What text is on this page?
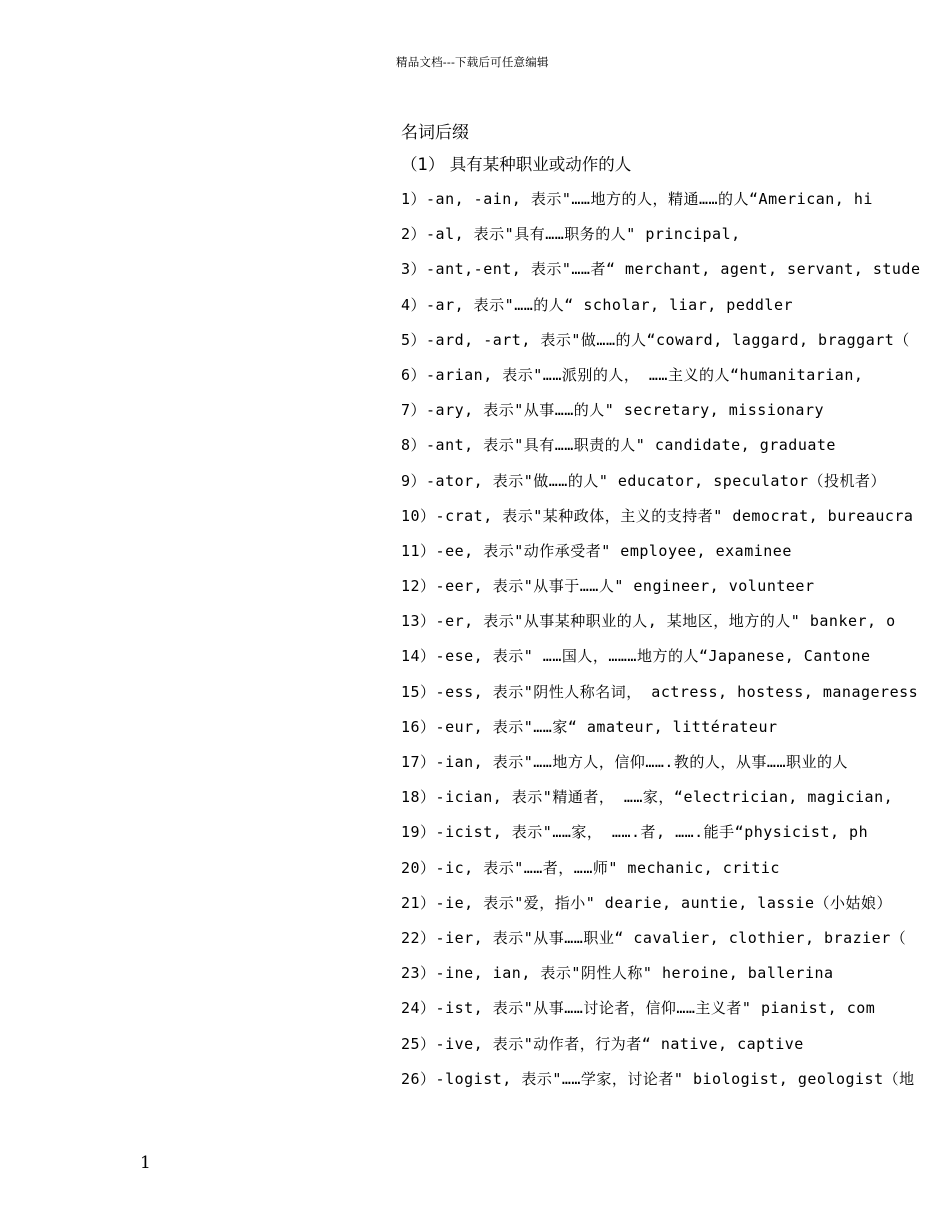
精品文档---下载后可任意编辑
名词后缀
（1） 具有某种职业或动作的人
1）-an, -ain, 表示"……地方的人，精通……的人“American, hi
2）-al, 表示"具有……职务的人" principal,
3）-ant,-ent, 表示"……者“ merchant, agent, servant, stude
4）-ar, 表示"……的人“ scholar, liar, peddler
5）-ard, -art, 表示"做……的人“coward, laggard, braggart（
6）-arian, 表示"……派别的人， ……主义的人“humanitarian,
7）-ary, 表示"从事……的人" secretary, missionary
8）-ant, 表示"具有……职责的人" candidate, graduate
9）-ator, 表示"做……的人" educator, speculator（投机者）
10）-crat, 表示"某种政体，主义的支持者" democrat, bureaucra
11）-ee, 表示"动作承受者" employee, examinee
12）-eer, 表示"从事于……人" engineer, volunteer
13）-er, 表示"从事某种职业的人, 某地区，地方的人" banker, o
14）-ese, 表示" ……国人，………地方的人“Japanese, Cantone
15）-ess, 表示"阴性人称名词， actress, hostess, manageress
16）-eur, 表示"……家“ amateur, littérateur
17）-ian, 表示"……地方人，信仰…….教的人，从事……职业的人
18）-ician, 表示"精通者， ……家，“electrician, magician,
19）-icist, 表示"……家， …….者, …….能手“physicist, ph
20）-ic, 表示"……者，……师" mechanic, critic
21）-ie, 表示"爱，指小" dearie, auntie, lassie（小姑娘）
22）-ier, 表示"从事……职业“ cavalier, clothier, brazier（
23）-ine, ian, 表示"阴性人称" heroine, ballerina
24）-ist, 表示"从事……讨论者，信仰……主义者" pianist, com
25）-ive, 表示"动作者，行为者“ native, captive
26）-logist, 表示"……学家，讨论者" biologist, geologist（地
1
